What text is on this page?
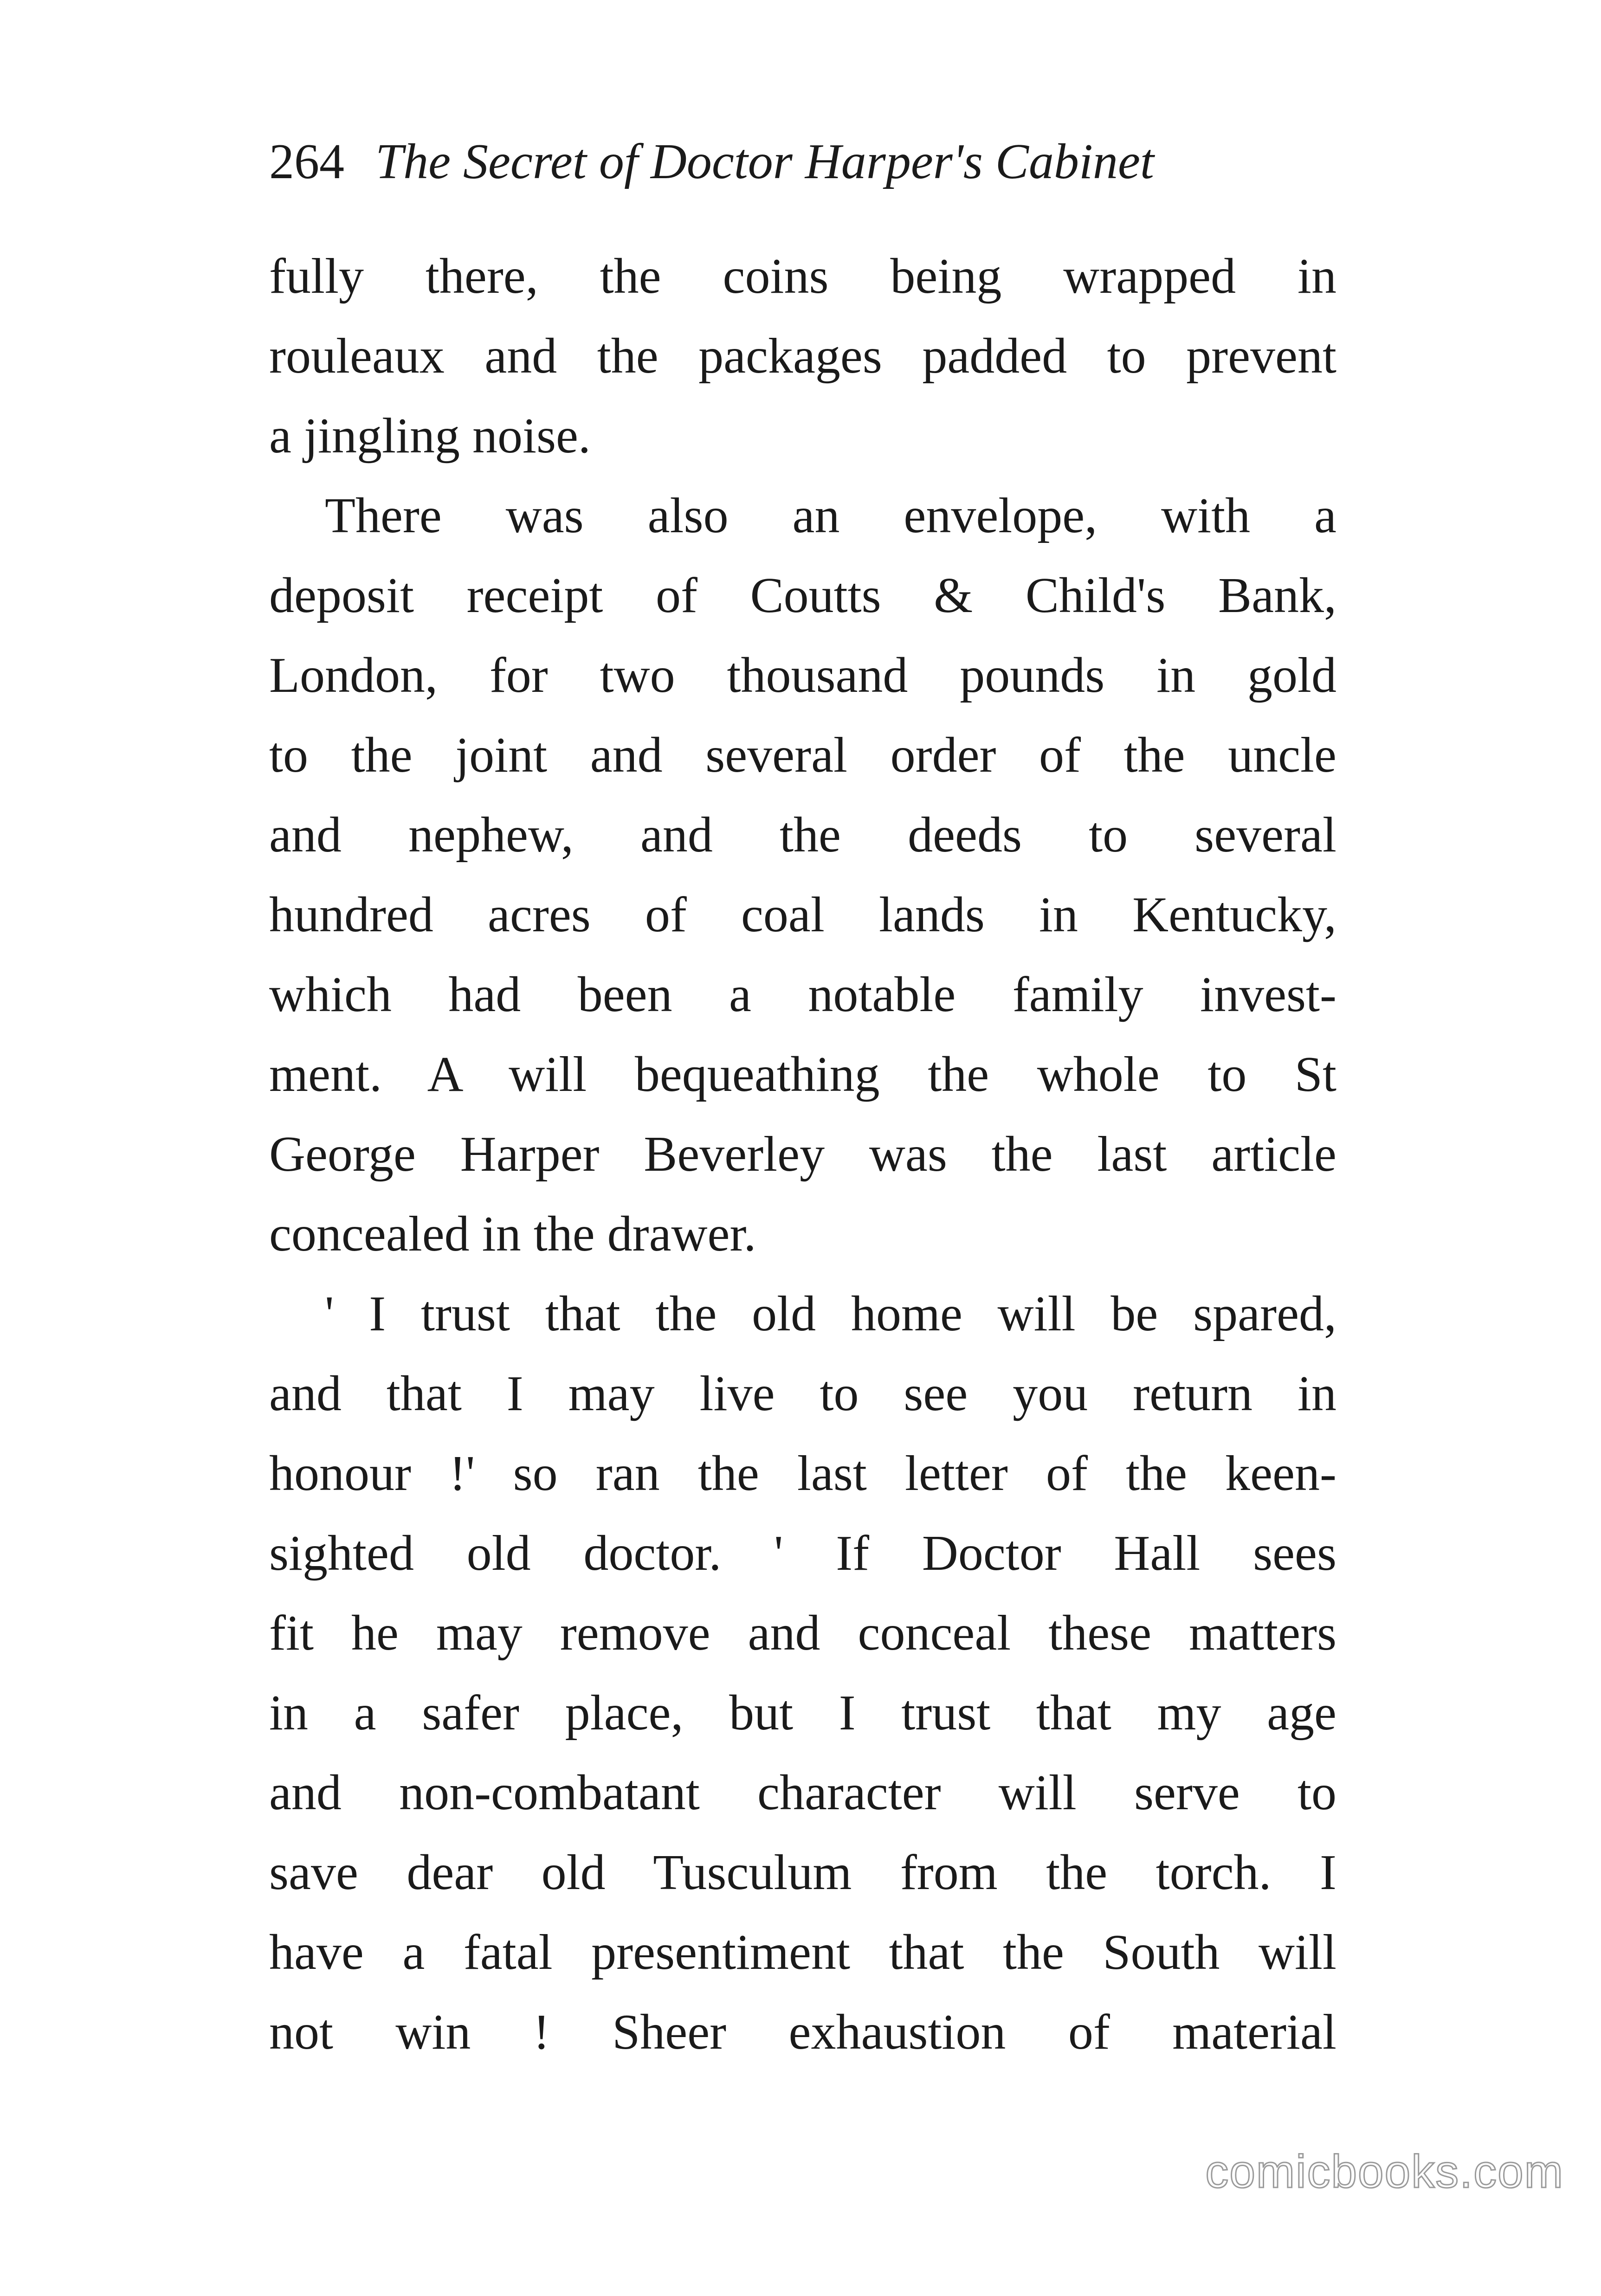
264 The Secret of Doctor Harper's Cabinet
fully there, the coins being wrapped in
rouleaux and the packages padded to prevent
a jingling noise.
There was also an envelope, with a
deposit receipt of Coutts & Child's Bank,
London, for two thousand pounds in gold
to the joint and several order of the uncle
and nephew, and the deeds to several
hundred acres of coal lands in Kentucky,
which had been a notable family invest-
ment. A will bequeathing the whole to St
George Harper Beverley was the last article
concealed in the drawer.
' I trust that the old home will be spared,
and that I may live to see you return in
honour !' so ran the last letter of the keen-
sighted old doctor. ' If Doctor Hall sees
fit he may remove and conceal these matters
in a safer place, but I trust that my age
and non-combatant character will serve to
save dear old Tusculum from the torch. I
have a fatal presentiment that the South will
not win ! Sheer exhaustion of material
comicbooks.com
